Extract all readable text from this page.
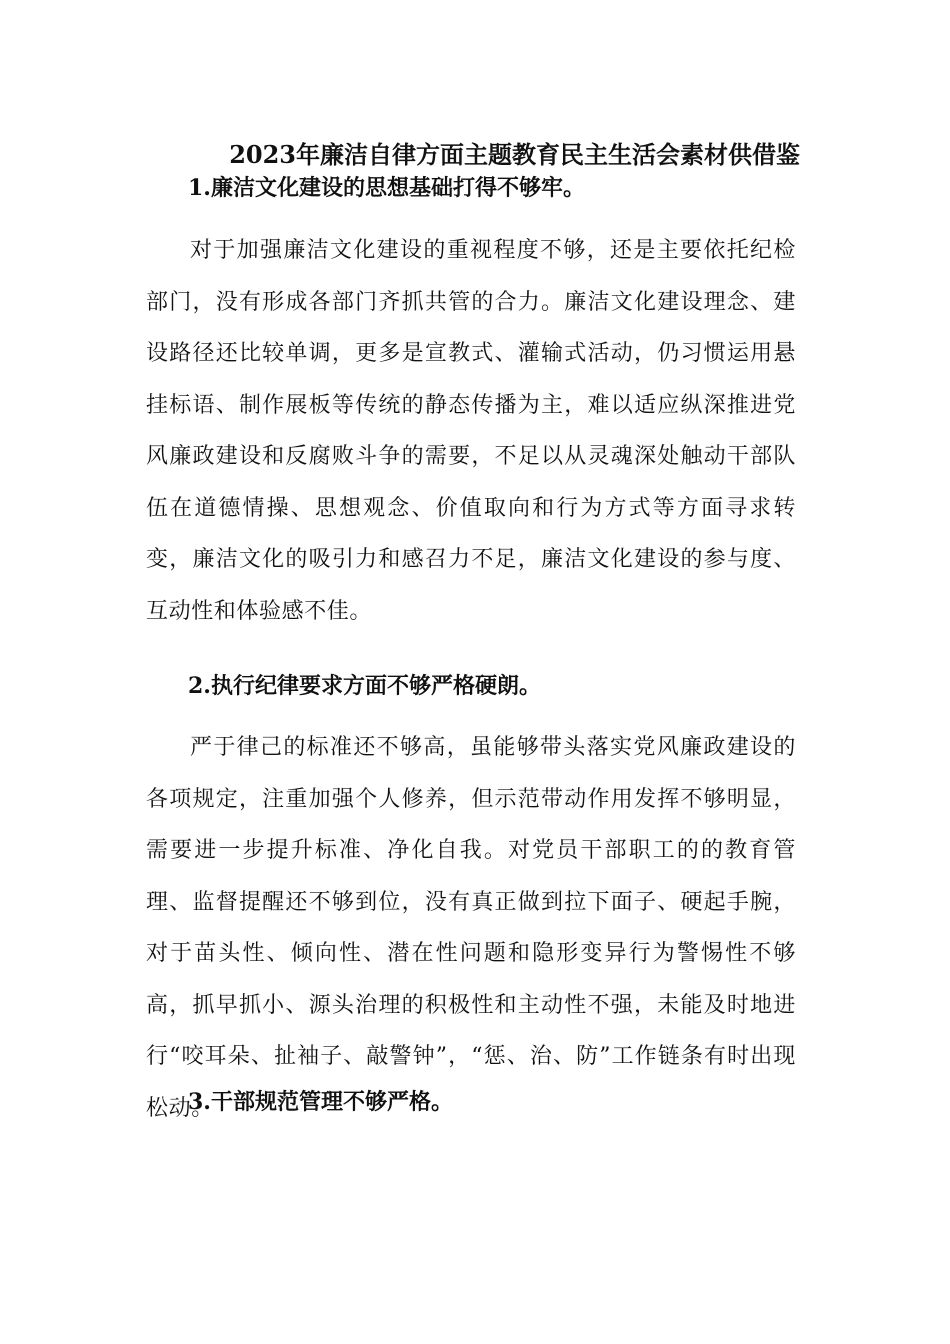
2023年廉洁自律方面主题教育民主生活会素材供借鉴
1.廉洁文化建设的思想基础打得不够牢。

对于加强廉洁文化建设的重视程度不够，还是主要依托纪检部门，没有形成各部门齐抓共管的合力。廉洁文化建设理念、建设路径还比较单调，更多是宣教式、灌输式活动，仍习惯运用悬挂标语、制作展板等传统的静态传播为主，难以适应纵深推进党风廉政建设和反腐败斗争的需要，不足以从灵魂深处触动干部队伍在道德情操、思想观念、价值取向和行为方式等方面寻求转变，廉洁文化的吸引力和感召力不足，廉洁文化建设的参与度、互动性和体验感不佳。

2.执行纪律要求方面不够严格硬朗。

严于律己的标准还不够高，虽能够带头落实党风廉政建设的各项规定，注重加强个人修养，但示范带动作用发挥不够明显，需要进一步提升标准、净化自我。对党员干部职工的的教育管理、监督提醒还不够到位，没有真正做到拉下面子、硬起手腕，对于苗头性、倾向性、潜在性问题和隐形变异行为警惕性不够高，抓早抓小、源头治理的积极性和主动性不强，未能及时地进行“咬耳朵、扯袖子、敲警钟”，“惩、治、防”工作链条有时出现松动。

3.干部规范管理不够严格。
